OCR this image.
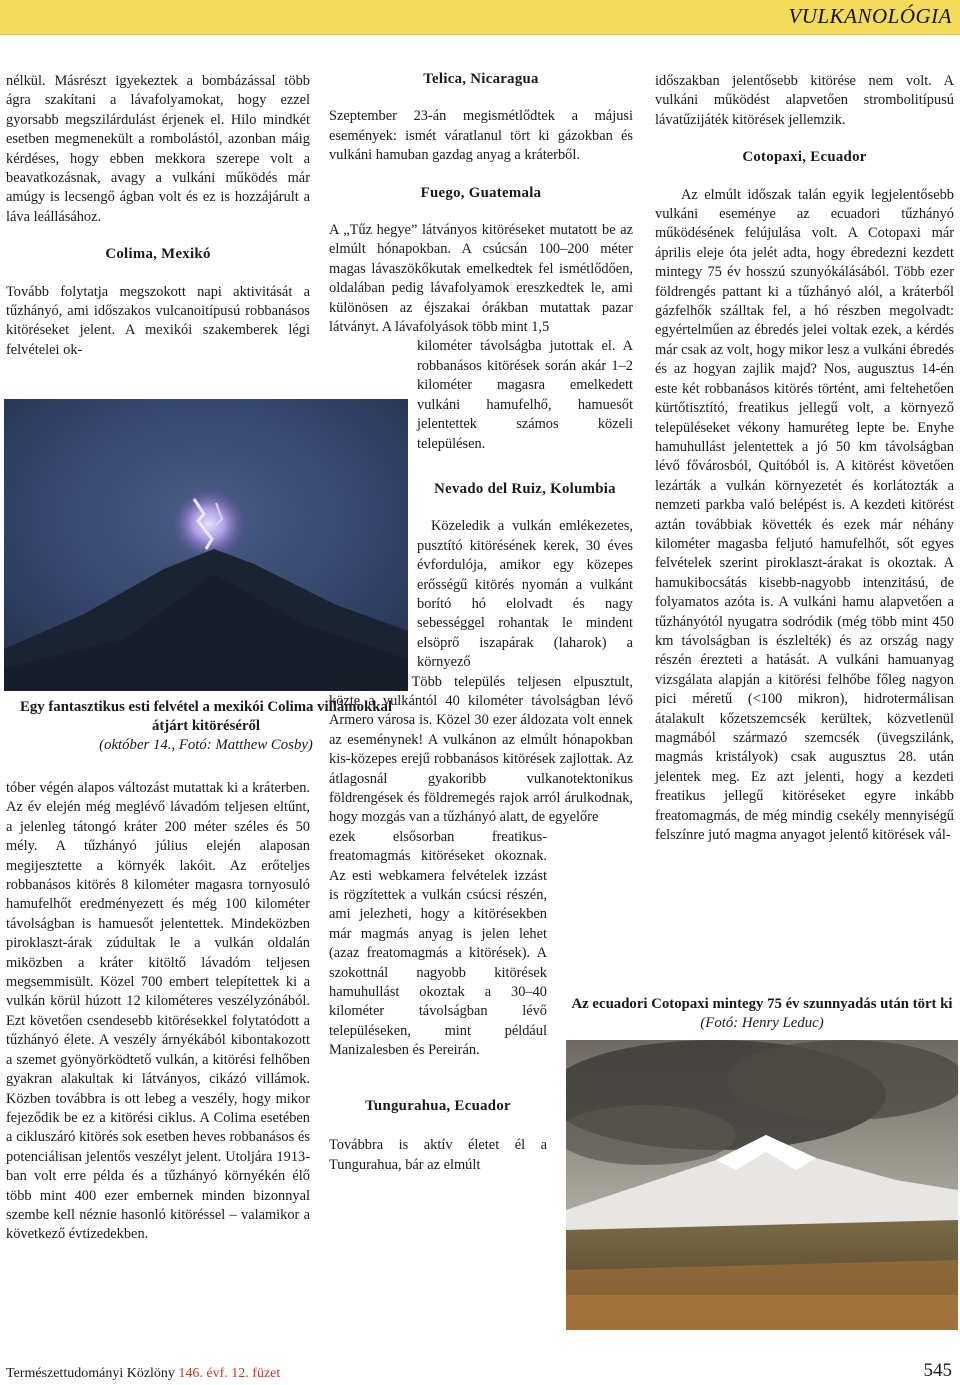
VULKANOLÓGIA

nélkül. Másrészt igyekeztek a bombázással több ágra szakítani a lávafolyamokat, hogy ezzel gyorsabb megszilárdulást érjenek el. Hilo mindkét esetben megmenekült a rombolástól, azonban máig kérdéses, hogy ebben mekkora szerepe volt a beavatkozásnak, avagy a vulkáni működés már amúgy is lecsengő ágban volt és ez is hozzájárult a láva leállásához.

Colima, Mexikó

Tovább folytatja megszokott napi aktivitását a tűzhányó, ami időszakos vulcanoitípusú robbanásos kitöréseket jelent. A mexikói szakemberek légi felvételei ok-

Egy fantasztikus esti felvétel a mexikói Colima villámokkal átjárt kitöréséről
(október 14., Fotó: Matthew Cosby)

tóber végén alapos változást mutattak ki a kráterben. Az év elején még meglévő lávadóm teljesen eltűnt, a jelenleg tátongó kráter 200 méter széles és 50 mély. A tűzhányó július elején alaposan megijesztette a környék lakóit. Az erőteljes robbanásos kitörés 8 kilométer magasra tornyosuló hamufelhőt eredményezett és még 100 kilométer távolságban is hamuesőt jelentettek. Mindeközben piroklaszt-árak zúdultak le a vulkán oldalán miközben a kráter kitöltő lávadóm teljesen megsemmisült. Közel 700 embert telepítettek ki a vulkán körül húzott 12 kilométeres veszélyzónából. Ezt követően csendesebb kitörésekkel folytatódott a tűzhányó élete. A veszély árnyékából kibontakozott a szemet gyönyörködtető vulkán, a kitörési felhőben gyakran alakultak ki látványos, cikázó villámok. Közben továbbra is ott lebeg a veszély, hogy mikor fejeződik be ez a kitörési ciklus. A Colima esetében a cikluszáró kitörés sok esetben heves robbanásos és potenciálisan jelentős veszélyt jelent. Utoljára 1913-ban volt erre példa és a tűzhányó környékén élő több mint 400 ezer embernek minden bizonnyal szembe kell néznie hasonló kitöréssel – valamikor a következő évtizedekben.

Telica, Nicaragua

Szeptember 23-án megismétlődtek a májusi események: ismét váratlanul tört ki gázokban és vulkáni hamuban gazdag anyag a kráterből.

Fuego, Guatemala

A „Tűz hegye” látványos kitöréseket mutatott be az elmúlt hónapokban. A csúcsán 100–200 méter magas lávaszökőkutak emelkedtek fel ismétlődően, oldalában pedig lávafolyamok ereszkedtek le, ami különösen az éjszakai órákban mutattak pazar látványt. A lávafolyások több mint 1,5

kilométer távolságba jutottak el. A robbanásos kitörések során akár 1–2 kilométer magasra emelkedett vulkáni hamufelhő, hamuesőt jelentettek számos közeli településen.

Nevado del Ruiz, Kolumbia

Közeledik a vulkán emlékezetes, pusztító kitörésének kerek, 30 éves évfordulója, amikor egy közepes erősségű kitörés nyomán a vulkánt borító hó elolvadt és nagy sebességgel rohantak le mindent elsöprő iszapárak (laharok) a környező

völgyekben. Több település teljesen elpusztult, közte a vulkántól 40 kilométer távolságban lévő Armero városa is. Közel 30 ezer áldozata volt ennek az eseménynek! A vulkánon az elmúlt hónapokban kis-közepes erejű robbanásos kitörések zajlottak. Az átlagosnál gyakoribb vulkanotektonikus földrengések és földremegés rajok arról árulkodnak, hogy mozgás van a tűzhányó alatt, de egyelőre

ezek elsősorban freatikus-freatomagmás kitöréseket okoznak. Az esti webkamera felvételek izzást is rögzítettek a vulkán csúcsi részén, ami jelezheti, hogy a kitörésekben már magmás anyag is jelen lehet (azaz freatomagmás a kitörések). A szokottnál nagyobb kitörések hamuhullást okoztak a 30–40 kilométer távolságban lévő településeken, mint például Manizalesben és Pereirán.

Tungurahua, Ecuador

Továbbra is aktív életet él a Tungurahua, bár az elmúlt

időszakban jelentősebb kitörése nem volt. A vulkáni működést alapvetően strombolitípusú lávatűzijáték kitörések jellemzik.

Cotopaxi, Ecuador

Az elmúlt időszak talán egyik legjelentősebb vulkáni eseménye az ecuadori tűzhányó működésének felújulása volt. A Cotopaxi már április eleje óta jelét adta, hogy ébredezni kezdett mintegy 75 év hosszú szunyókálásából. Több ezer földrengés pattant ki a tűzhányó alól, a kráterből gázfelhők szálltak fel, a hó részben megolvadt: egyértelműen az ébredés jelei voltak ezek, a kérdés már csak az volt, hogy mikor lesz a vulkáni ébredés és az hogyan zajlik majd? Nos, augusztus 14-én este két robbanásos kitörés történt, ami feltehetően kürtőtisztító, freatikus jellegű volt, a környező településeket vékony hamuréteg lepte be. Enyhe hamuhullást jelentettek a jó 50 km távolságban lévő fővárosból, Quitóból is. A kitörést követően lezárták a vulkán környezetét és korlátozták a nemzeti parkba való belépést is. A kezdeti kitörést aztán továbbiak követték és ezek már néhány kilométer magasba feljutó hamufelhőt, sőt egyes felvételek szerint piroklaszt-árakat is okoztak. A hamukibocsátás kisebb-nagyobb intenzitású, de folyamatos azóta is. A vulkáni hamu alapvetően a tűzhányótól nyugatra sodródik (még több mint 450 km távolságban is észlelték) és az ország nagy részén érezteti a hatását. A vulkáni hamuanyag vizsgálata alapján a kitörési felhőbe főleg nagyon pici méretű (<100 mikron), hidrotermálisan átalakult kőzetszemcsék kerültek, közvetlenül magmából származó szemcsék (üvegszilánk, magmás kristályok) csak augusztus 28. után jelentek meg. Ez azt jelenti, hogy a kezdeti freatikus jellegű kitöréseket egyre inkább freatomagmás, de még mindig csekély mennyiségű felszínre jutó magma anyagot jelentő kitörések vál-

Az ecuadori Cotopaxi mintegy 75 év szunnyadás után tört ki (Fotó: Henry Leduc)
Természettudományi Közlöny 146. évf. 12. füzet	545
